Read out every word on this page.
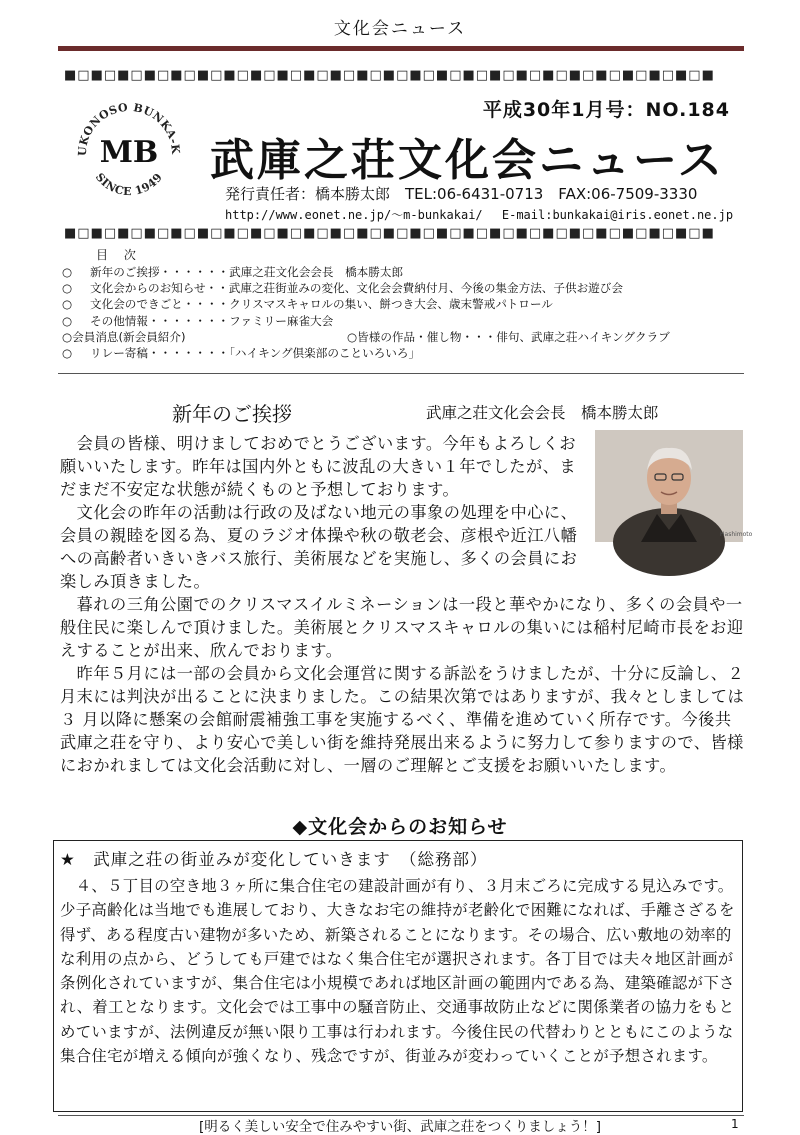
文化会ニュース
■□■□■□■□■□■□■□■□■□■□■□■□■□■□■□■□■□■□■□■□■□■□■□■□■
平成30年1月号：NO.184
UKONOSO BUNKA-K
SINCE 1949
MB 武庫之荘文化会ニュース
発行責任者：橋本勝太郎　TEL:06-6431-0713　FAX:06-7509-3330
http://www.eonet.ne.jp/～m-bunkakai/　 E-mail:bunkakai@iris.eonet.ne.jp
■□■□■□■□■□■□■□■□■□■□■□■□■□■□■□■□■□■□■□■□■□■□■□■□■
目 次
○ 新年のご挨拶・・・・・・武庫之荘文化会会長　橋本勝太郎
○ 文化会からのお知らせ・・武庫之荘街並みの変化、文化会会費納付月、今後の集金方法、子供お遊び会
○ 文化会のできごと・・・・クリスマスキャロルの集い、餅つき大会、歳末警戒パトロール
○ その他情報・・・・・・・ファミリー麻雀大会
○会員消息(新会員紹介)	○皆様の作品・催し物・・・俳句、武庫之荘ハイキングクラブ
○ リレー寄稿・・・・・・・「ハイキング倶楽部のこといろいろ」
新年のご挨拶	武庫之荘文化会会長　橋本勝太郎
Hashimoto

　会員の皆様、明けましておめでとうございます。今年もよろしくお願いいたします。昨年は国内外ともに波乱の大きい１年でしたが、まだまだ不安定な状態が続くものと予想しております。

　文化会の昨年の活動は行政の及ばない地元の事象の処理を中心に、会員の親睦を図る為、夏のラジオ体操や秋の敬老会、彦根や近江八幡への高齢者いきいきバス旅行、美術展などを実施し、多くの会員にお楽しみ頂きました。

　暮れの三角公園でのクリスマスイルミネーションは一段と華やかになり、多くの会員や一般住民に楽しんで頂けました。美術展とクリスマスキャロルの集いには稲村尼崎市長をお迎えすることが出来、欣んでおります。

　昨年５月には一部の会員から文化会運営に関する訴訟をうけましたが、十分に反論し、２月末には判決が出ることに決まりました。この結果次第ではありますが、我々としましては ３ 月以降に懸案の会館耐震補強工事を実施するべく、準備を進めていく所存です。今後共武庫之荘を守り、より安心で美しい街を維持発展出来るように努力して参りますので、皆様におかれましては文化会活動に対し、一層のご理解とご支援をお願いいたします。

◆文化会からのお知らせ
★　武庫之荘の街並みが変化していきます　（総務部）

　４、５丁目の空き地３ヶ所に集合住宅の建設計画が有り、３月末ごろに完成する見込みです。少子高齢化は当地でも進展しており、大きなお宅の維持が老齢化で困難になれば、手離さざるを得ず、ある程度古い建物が多いため、新築されることになります。その場合、広い敷地の効率的な利用の点から、どうしても戸建ではなく集合住宅が選択されます。各丁目では夫々地区計画が条例化されていますが、集合住宅は小規模であれば地区計画の範囲内である為、建築確認が下され、着工となります。文化会では工事中の騒音防止、交通事故防止などに関係業者の協力をもとめていますが、法例違反が無い限り工事は行われます。今後住民の代替わりとともにこのような集合住宅が増える傾向が強くなり、残念ですが、街並みが変わっていくことが予想されます。

[明るく美しい安全で住みやすい街、武庫之荘をつくりましょう！]	1
